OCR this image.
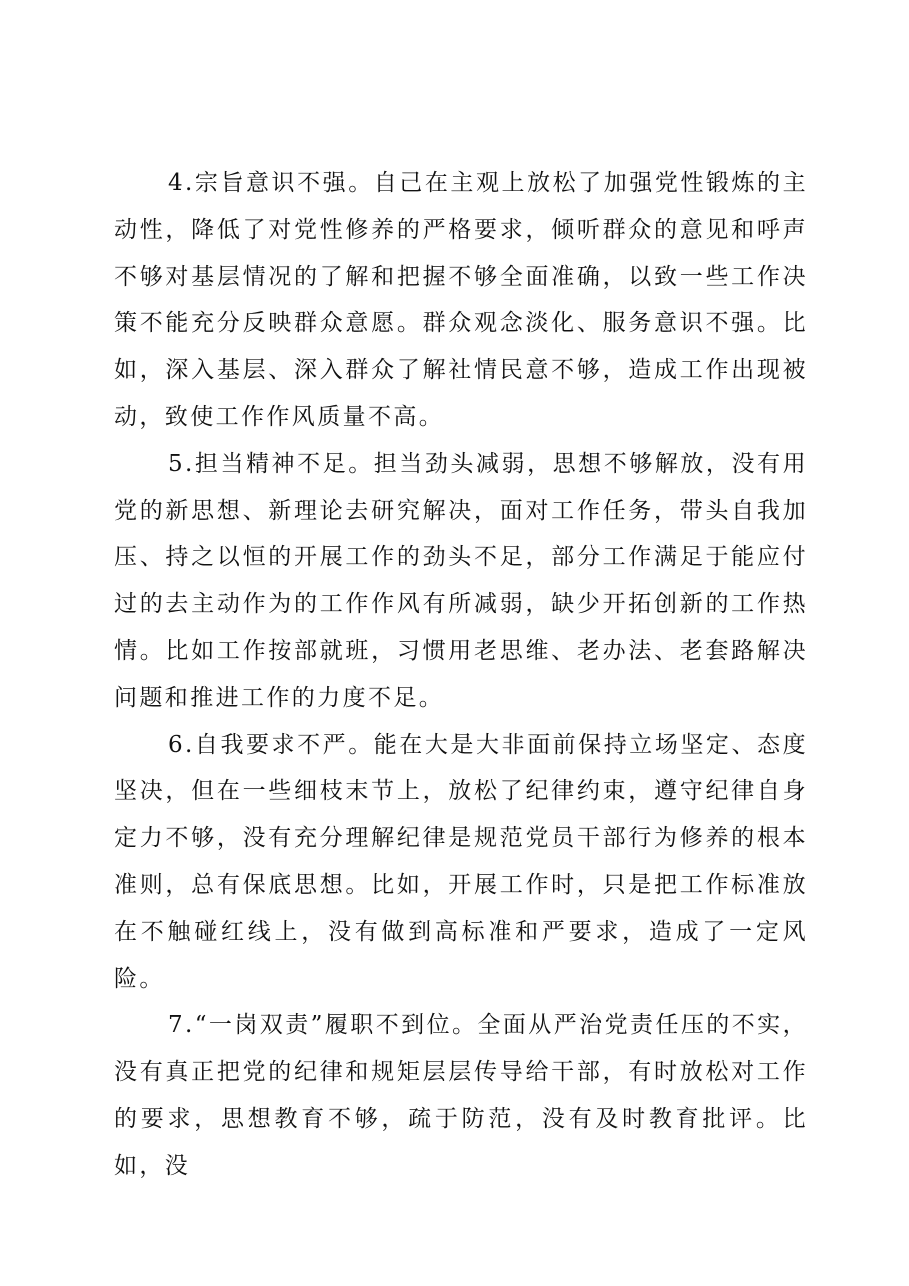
4.宗旨意识不强。自己在主观上放松了加强党性锻炼的主动性，降低了对党性修养的严格要求，倾听群众的意见和呼声不够对基层情况的了解和把握不够全面准确，以致一些工作决策不能充分反映群众意愿。群众观念淡化、服务意识不强。比如，深入基层、深入群众了解社情民意不够，造成工作出现被动，致使工作作风质量不高。

5.担当精神不足。担当劲头减弱，思想不够解放，没有用党的新思想、新理论去研究解决，面对工作任务，带头自我加压、持之以恒的开展工作的劲头不足，部分工作满足于能应付过的去主动作为的工作作风有所减弱，缺少开拓创新的工作热情。比如工作按部就班，习惯用老思维、老办法、老套路解决问题和推进工作的力度不足。

6.自我要求不严。能在大是大非面前保持立场坚定、态度坚决，但在一些细枝末节上，放松了纪律约束，遵守纪律自身定力不够，没有充分理解纪律是规范党员干部行为修养的根本准则，总有保底思想。比如，开展工作时，只是把工作标准放在不触碰红线上，没有做到高标准和严要求，造成了一定风险。

7.“一岗双责”履职不到位。全面从严治党责任压的不实，没有真正把党的纪律和规矩层层传导给干部，有时放松对工作的要求，思想教育不够，疏于防范，没有及时教育批评。比如，没
